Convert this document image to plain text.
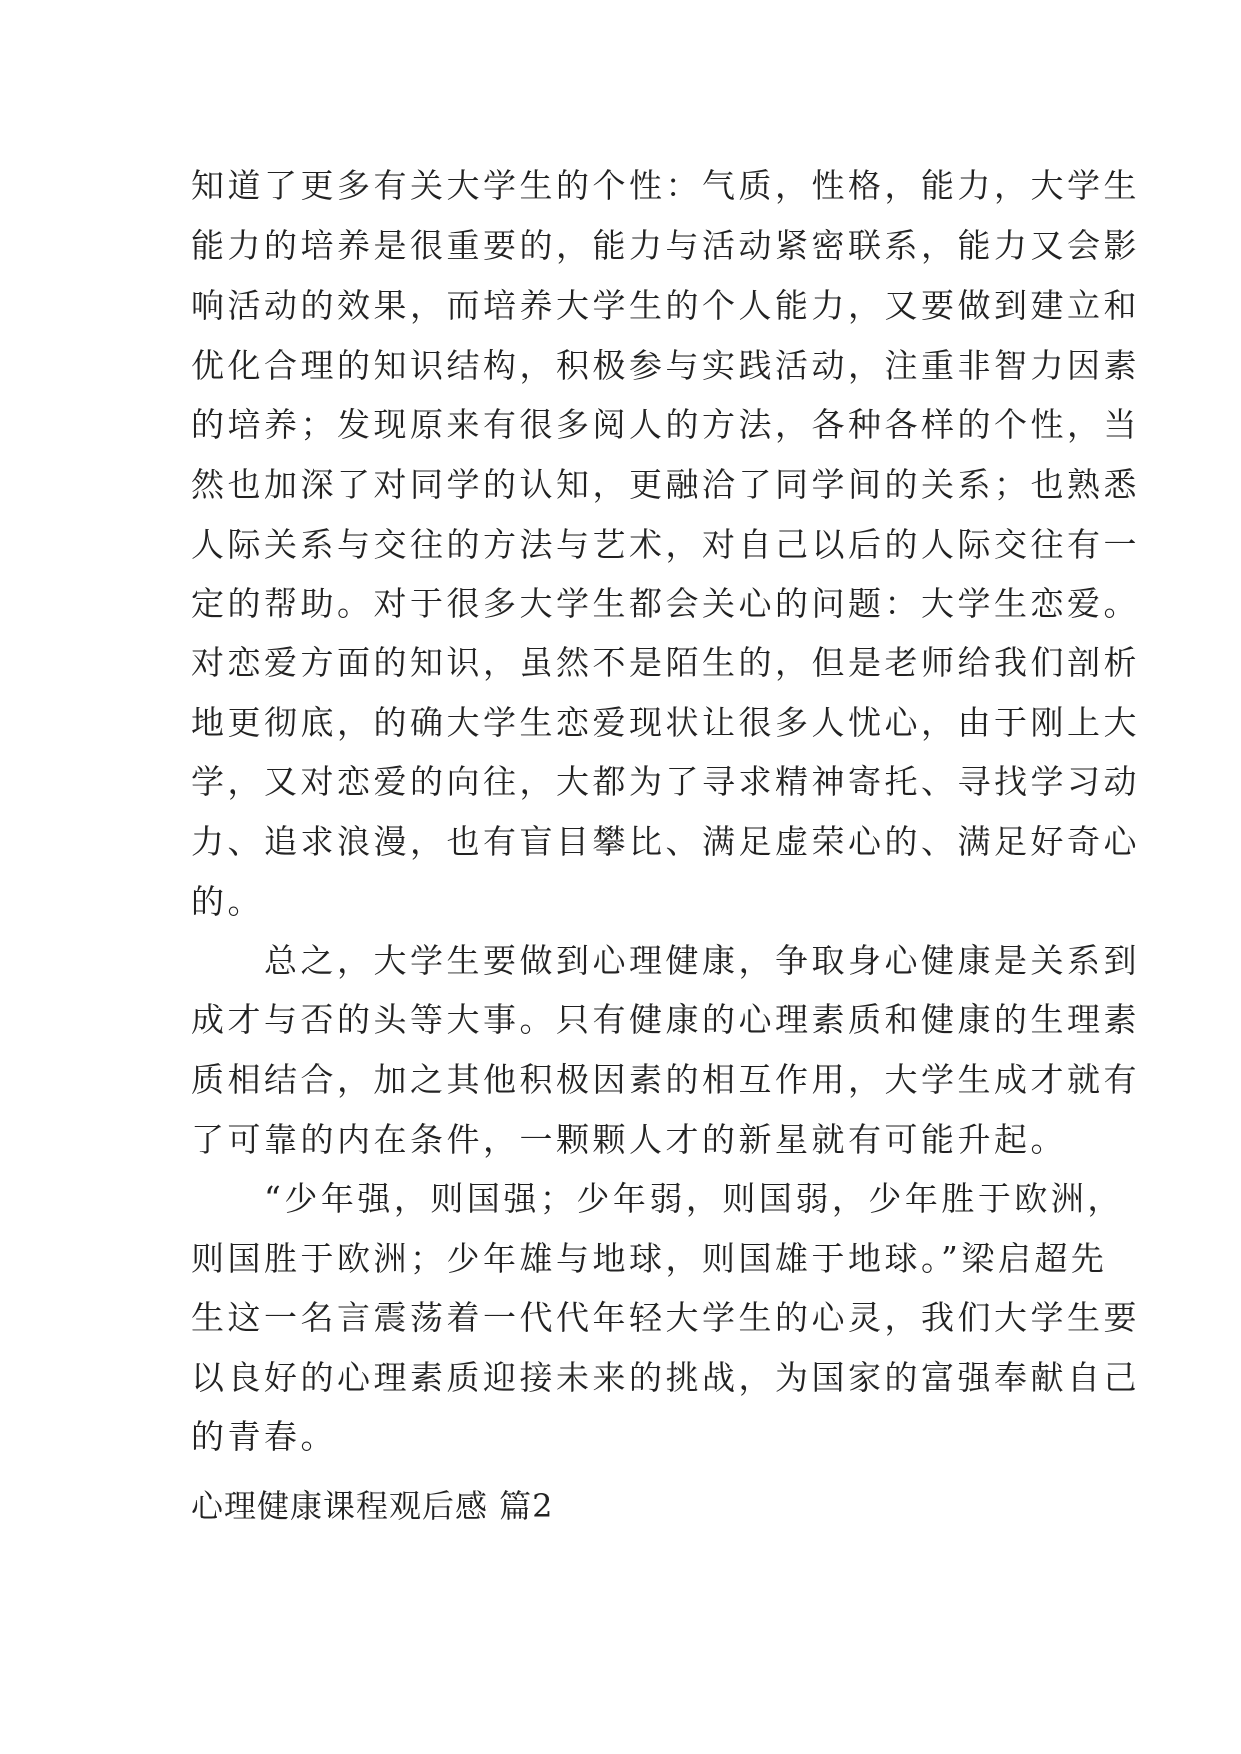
知道了更多有关大学生的个性：气质，性格，能力，大学生
能力的培养是很重要的，能力与活动紧密联系，能力又会影
响活动的效果，而培养大学生的个人能力，又要做到建立和
优化合理的知识结构，积极参与实践活动，注重非智力因素
的培养；发现原来有很多阅人的方法，各种各样的个性，当
然也加深了对同学的认知，更融洽了同学间的关系；也熟悉
人际关系与交往的方法与艺术，对自己以后的人际交往有一
定的帮助。对于很多大学生都会关心的问题：大学生恋爱。
对恋爱方面的知识，虽然不是陌生的，但是老师给我们剖析
地更彻底，的确大学生恋爱现状让很多人忧心，由于刚上大
学，又对恋爱的向往，大都为了寻求精神寄托、寻找学习动
力、追求浪漫，也有盲目攀比、满足虚荣心的、满足好奇心
的。
　　总之，大学生要做到心理健康，争取身心健康是关系到
成才与否的头等大事。只有健康的心理素质和健康的生理素
质相结合，加之其他积极因素的相互作用，大学生成才就有
了可靠的内在条件，一颗颗人才的新星就有可能升起。
　　“少年强，则国强；少年弱，则国弱，少年胜于欧洲，
则国胜于欧洲；少年雄与地球，则国雄于地球。”梁启超先
生这一名言震荡着一代代年轻大学生的心灵，我们大学生要
以良好的心理素质迎接未来的挑战，为国家的富强奉献自己
的青春。
心理健康课程观后感 篇2
